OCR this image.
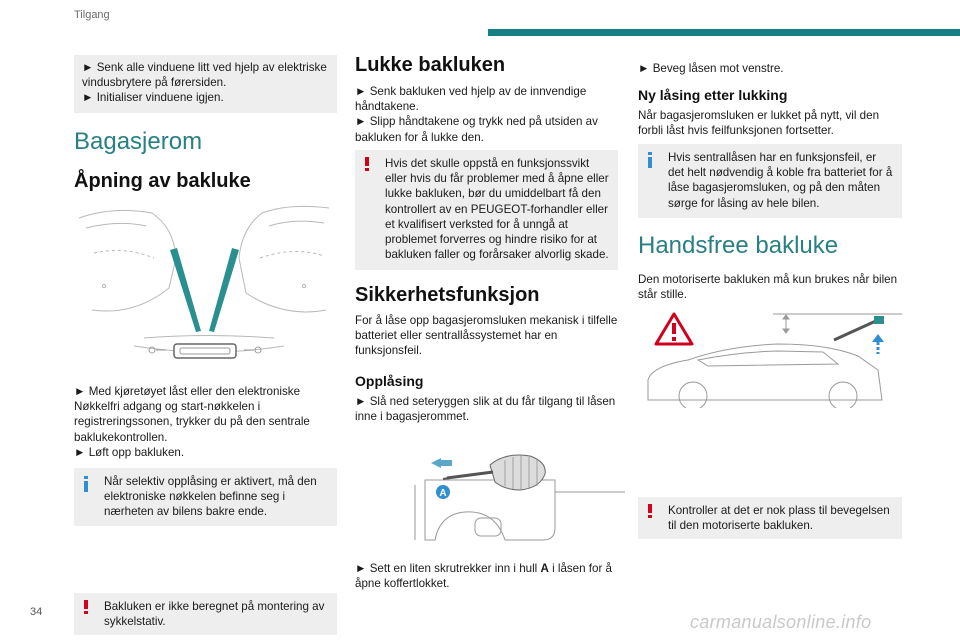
Tilgang
34	carmanualsonline.info

► Senk alle vinduene litt ved hjelp av elektriske vindusbrytere på førersiden.

► Initialiser vinduene igjen.

Bagasjerom
Åpning av bakluke

► Med kjøretøyet låst eller den elektroniske Nøkkelfri adgang og start-nøkkelen i registreringssonen, trykker du på den sentrale baklukekontrollen.

► Løft opp bakluken.

Når selektiv opplåsing er aktivert, må den elektroniske nøkkelen befinne seg i nærheten av bilens bakre ende.

Bakluken er ikke beregnet på montering av sykkelstativ.

Lukke bakluken

► Senk bakluken ved hjelp av de innvendige håndtakene.

► Slipp håndtakene og trykk ned på utsiden av bakluken for å lukke den.

Hvis det skulle oppstå en funksjonssvikt eller hvis du får problemer med å åpne eller lukke bakluken, bør du umiddelbart få den kontrollert av en PEUGEOT-forhandler eller et kvalifisert verksted for å unngå at problemet forverres og hindre risiko for at bakluken faller og forårsaker alvorlig skade.

Sikkerhetsfunksjon
For å låse opp bagasjeromsluken mekanisk i tilfelle batteriet eller sentrallåssystemet har en funksjonsfeil.
Opplåsing
► Slå ned seteryggen slik at du får tilgang til låsen inne i bagasjerommet.
A
► Sett en liten skrutrekker inn i hull A i låsen for å åpne koffertlokket.
► Beveg låsen mot venstre.
Ny låsing etter lukking
Når bagasjeromsluken er lukket på nytt, vil den forbli låst hvis feilfunksjonen fortsetter.

Hvis sentrallåsen har en funksjonsfeil, er det helt nødvendig å koble fra batteriet for å låse bagasjeromsluken, og på den måten sørge for låsing av hele bilen.

Handsfree bakluke
Den motoriserte bakluken må kun brukes når bilen står stille.

Kontroller at det er nok plass til bevegelsen til den motoriserte bakluken.
